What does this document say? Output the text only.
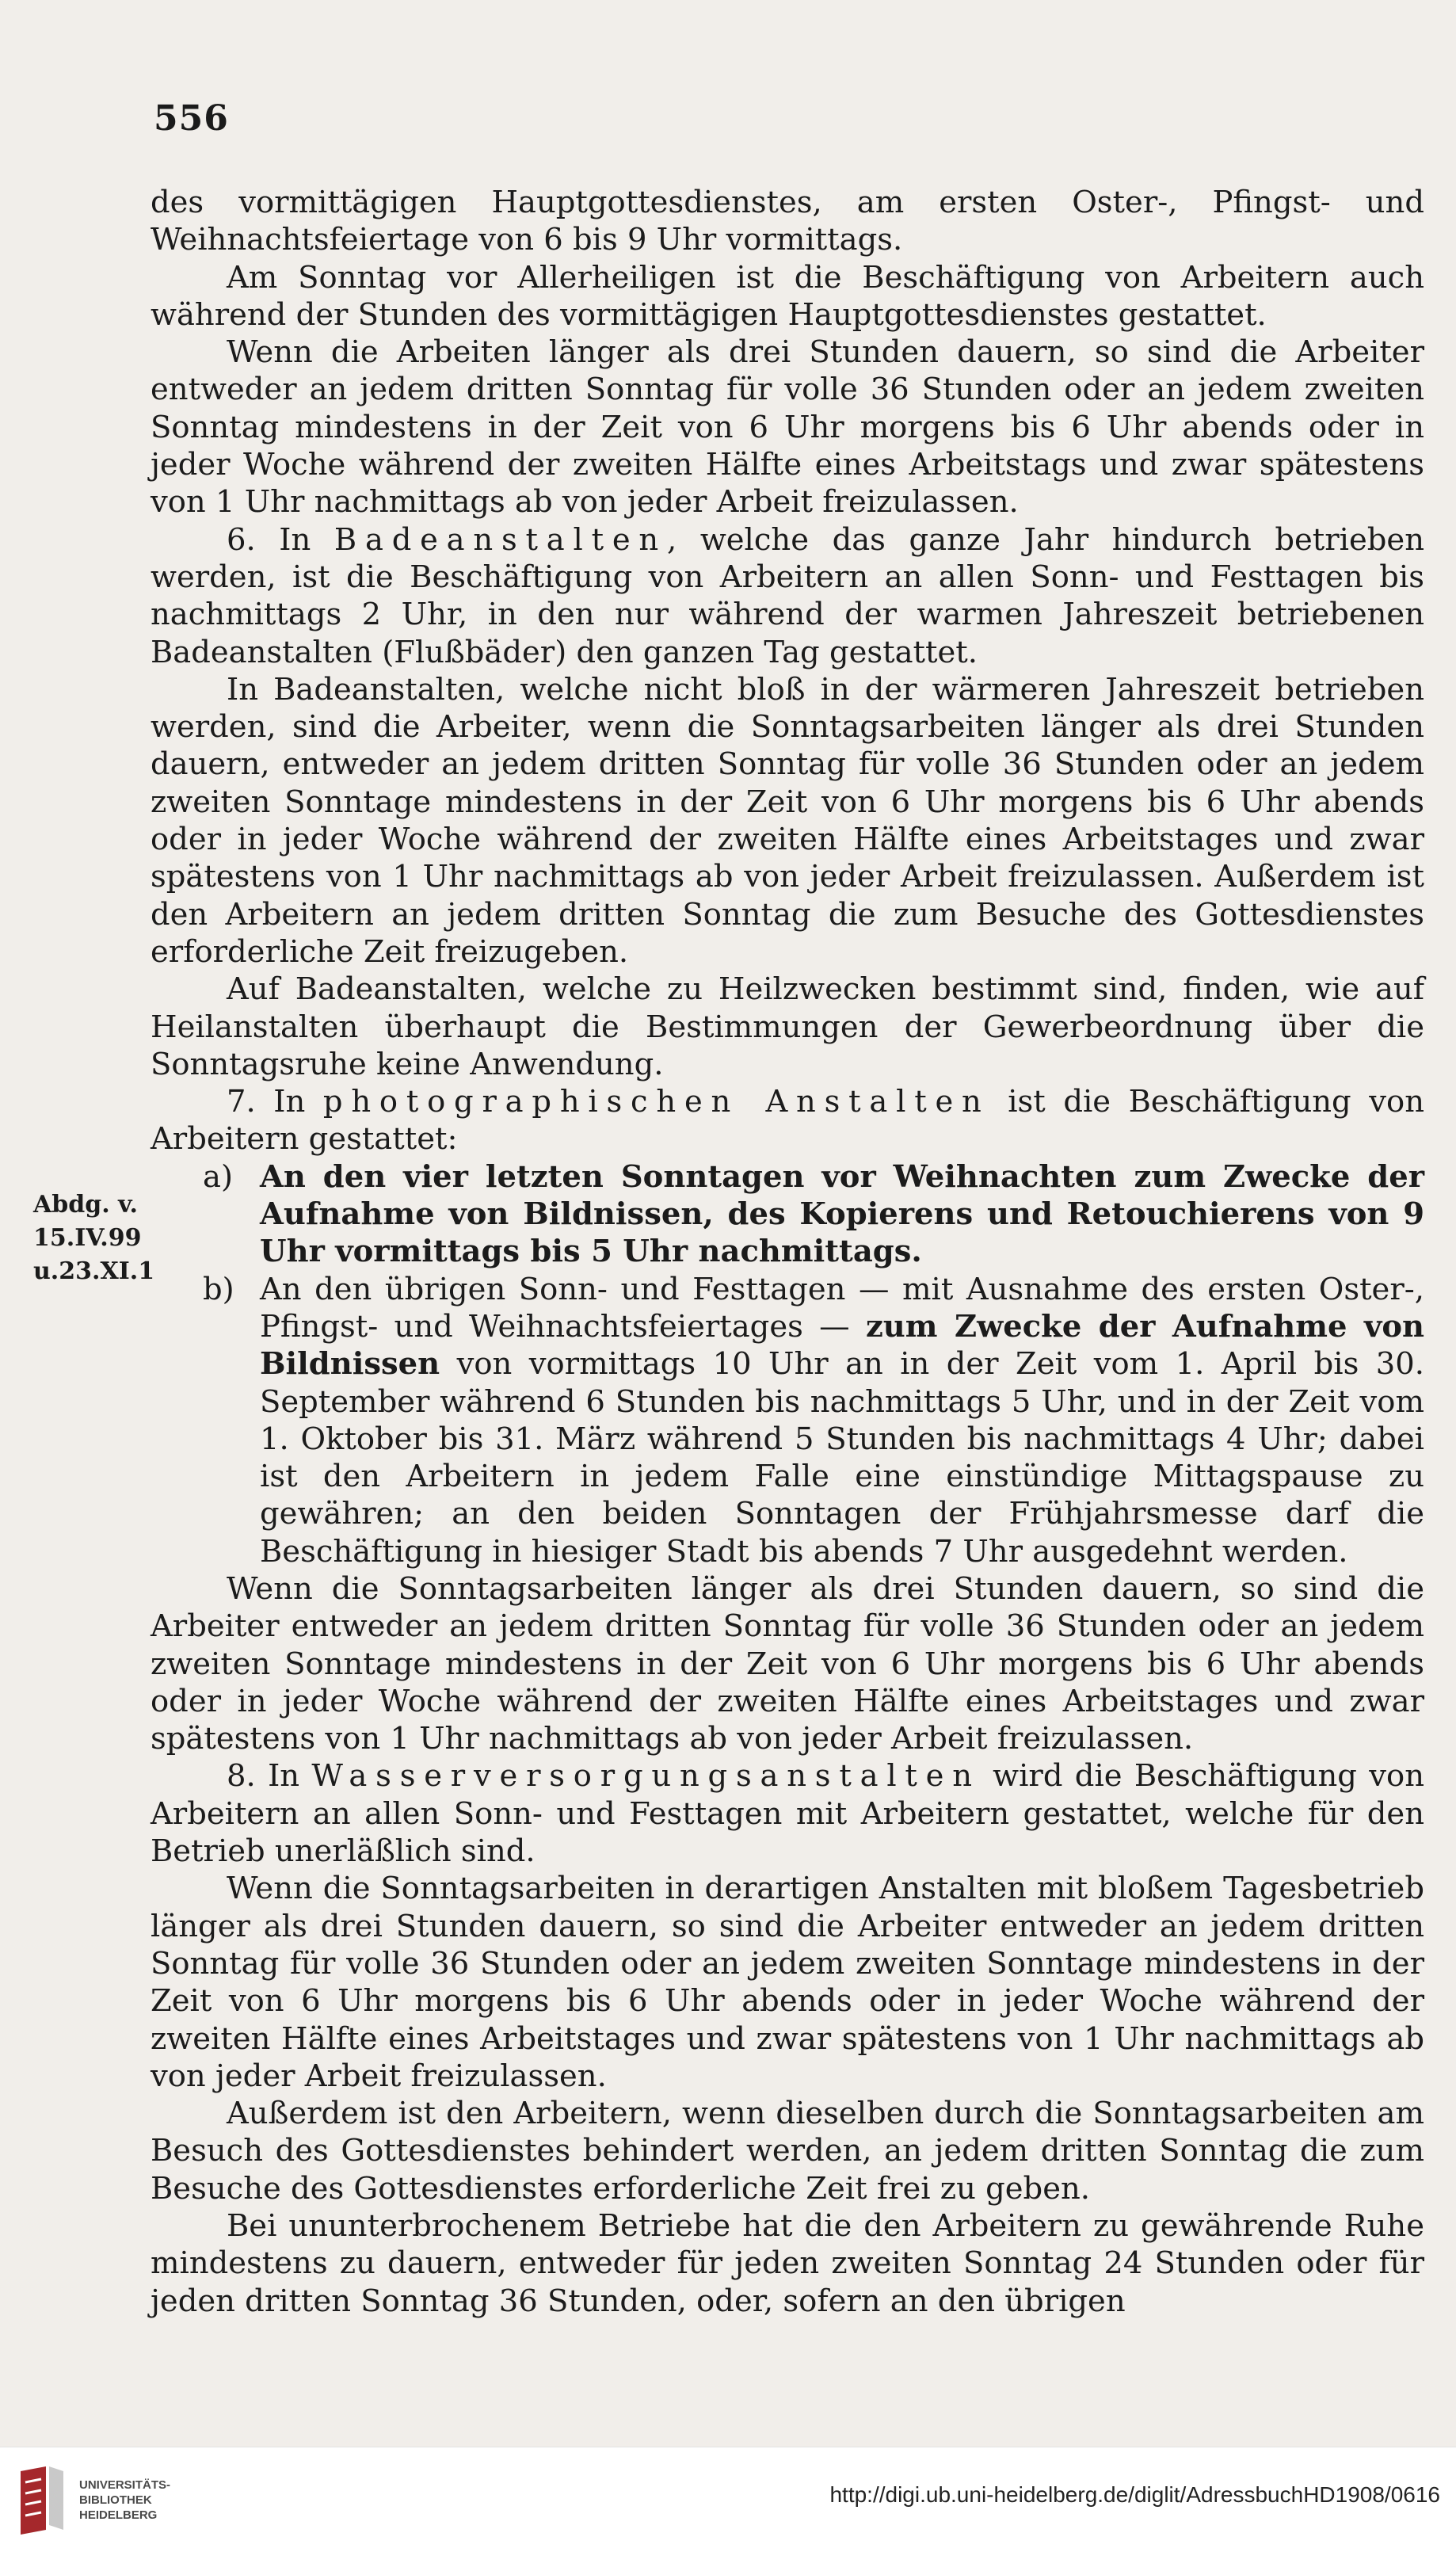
556
Abdg. v.
15.IV.99
u.23.XI.1

des vormittägigen Hauptgottesdienstes, am ersten Oster-, Pfingst- und Weihnachtsfeiertage von 6 bis 9 Uhr vormittags.

Am Sonntag vor Allerheiligen ist die Beschäftigung von Arbeitern auch während der Stunden des vormittägigen Hauptgottesdienstes gestattet.

Wenn die Arbeiten länger als drei Stunden dauern, so sind die Arbeiter entweder an jedem dritten Sonntag für volle 36 Stunden oder an jedem zweiten Sonntag mindestens in der Zeit von 6 Uhr morgens bis 6 Uhr abends oder in jeder Woche während der zweiten Hälfte eines Arbeitstags und zwar spätestens von 1 Uhr nachmittags ab von jeder Arbeit freizulassen.

6. In Badeanstalten, welche das ganze Jahr hindurch betrieben werden, ist die Beschäftigung von Arbeitern an allen Sonn- und Festtagen bis nachmittags 2 Uhr, in den nur während der warmen Jahreszeit betriebenen Badeanstalten (Flußbäder) den ganzen Tag gestattet.

In Badeanstalten, welche nicht bloß in der wärmeren Jahreszeit betrieben werden, sind die Arbeiter, wenn die Sonntagsarbeiten länger als drei Stunden dauern, entweder an jedem dritten Sonntag für volle 36 Stunden oder an jedem zweiten Sonntage mindestens in der Zeit von 6 Uhr morgens bis 6 Uhr abends oder in jeder Woche während der zweiten Hälfte eines Arbeitstages und zwar spätestens von 1 Uhr nachmittags ab von jeder Arbeit freizulassen. Außerdem ist den Arbeitern an jedem dritten Sonntag die zum Besuche des Gottesdienstes erforderliche Zeit freizugeben.

Auf Badeanstalten, welche zu Heilzwecken bestimmt sind, finden, wie auf Heilanstalten überhaupt die Bestimmungen der Gewerbeordnung über die Sonntagsruhe keine Anwendung.

7. In photographischen Anstalten ist die Beschäftigung von Arbeitern gestattet:

a) An den vier letzten Sonntagen vor Weihnachten zum Zwecke der Aufnahme von Bildnissen, des Kopierens und Retouchierens von 9 Uhr vormittags bis 5 Uhr nachmittags.

b) An den übrigen Sonn- und Festtagen — mit Ausnahme des ersten Oster-, Pfingst- und Weihnachtsfeiertages — zum Zwecke der Aufnahme von Bildnissen von vormittags 10 Uhr an in der Zeit vom 1. April bis 30. September während 6 Stunden bis nachmittags 5 Uhr, und in der Zeit vom 1. Oktober bis 31. März während 5 Stunden bis nachmittags 4 Uhr; dabei ist den Arbeitern in jedem Falle eine einstündige Mittagspause zu gewähren; an den beiden Sonntagen der Frühjahrsmesse darf die Beschäftigung in hiesiger Stadt bis abends 7 Uhr ausgedehnt werden.

Wenn die Sonntagsarbeiten länger als drei Stunden dauern, so sind die Arbeiter entweder an jedem dritten Sonntag für volle 36 Stunden oder an jedem zweiten Sonntage mindestens in der Zeit von 6 Uhr morgens bis 6 Uhr abends oder in jeder Woche während der zweiten Hälfte eines Arbeitstages und zwar spätestens von 1 Uhr nachmittags ab von jeder Arbeit freizulassen.

8. In Wasserversorgungsanstalten wird die Beschäftigung von Arbeitern an allen Sonn- und Festtagen mit Arbeitern gestattet, welche für den Betrieb unerläßlich sind.

Wenn die Sonntagsarbeiten in derartigen Anstalten mit bloßem Tagesbetrieb länger als drei Stunden dauern, so sind die Arbeiter entweder an jedem dritten Sonntag für volle 36 Stunden oder an jedem zweiten Sonntage mindestens in der Zeit von 6 Uhr morgens bis 6 Uhr abends oder in jeder Woche während der zweiten Hälfte eines Arbeitstages und zwar spätestens von 1 Uhr nachmittags ab von jeder Arbeit freizulassen.

Außerdem ist den Arbeitern, wenn dieselben durch die Sonntagsarbeiten am Besuch des Gottesdienstes behindert werden, an jedem dritten Sonntag die zum Besuche des Gottesdienstes erforderliche Zeit frei zu geben.

Bei ununterbrochenem Betriebe hat die den Arbeitern zu gewährende Ruhe mindestens zu dauern, entweder für jeden zweiten Sonntag 24 Stunden oder für jeden dritten Sonntag 36 Stunden, oder, sofern an den übrigen

UNIVERSITÄTS-
BIBLIOTHEK
HEIDELBERG
http://digi.ub.uni-heidelberg.de/diglit/AdressbuchHD1908/0616
